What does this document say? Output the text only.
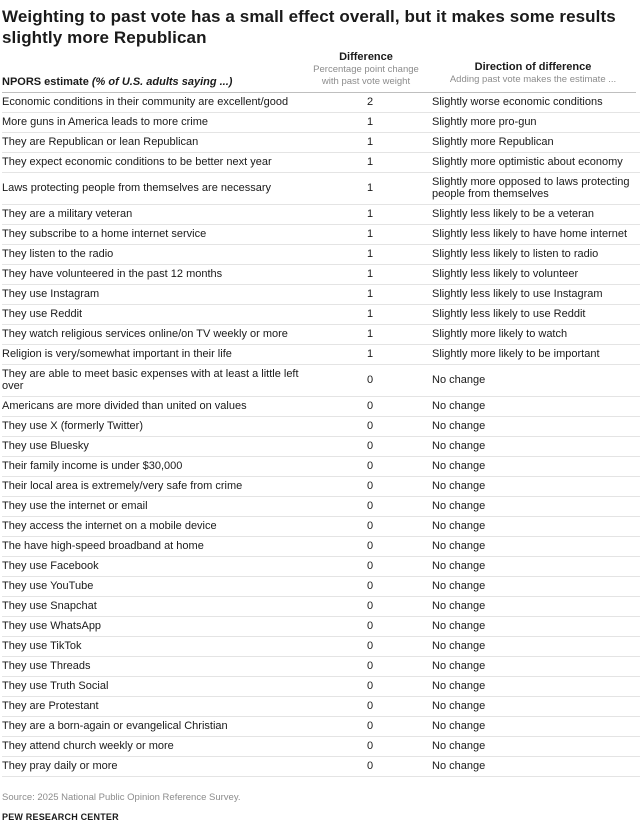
Weighting to past vote has a small effect overall, but it makes some results slightly more Republican
Difference
Percentage point change with past vote weight
Direction of difference
Adding past vote makes the estimate ...
NPORS estimate (% of U.S. adults saying ...)
Economic conditions in their community are excellent/good	2	Slightly worse economic conditions
More guns in America leads to more crime	1	Slightly more pro-gun
They are Republican or lean Republican	1	Slightly more Republican
They expect economic conditions to be better next year	1	Slightly more optimistic about economy
Laws protecting people from themselves are necessary	1	Slightly more opposed to laws protecting people from themselves
They are a military veteran	1	Slightly less likely to be a veteran
They subscribe to a home internet service	1	Slightly less likely to have home internet
They listen to the radio	1	Slightly less likely to listen to radio
They have volunteered in the past 12 months	1	Slightly less likely to volunteer
They use Instagram	1	Slightly less likely to use Instagram
They use Reddit	1	Slightly less likely to use Reddit
They watch religious services online/on TV weekly or more	1	Slightly more likely to watch
Religion is very/somewhat important in their life	1	Slightly more likely to be important
They are able to meet basic expenses with at least a little left over	0	No change
Americans are more divided than united on values	0	No change
They use X (formerly Twitter)	0	No change
They use Bluesky	0	No change
Their family income is under $30,000	0	No change
Their local area is extremely/very safe from crime	0	No change
They use the internet or email	0	No change
They access the internet on a mobile device	0	No change
The have high-speed broadband at home	0	No change
They use Facebook	0	No change
They use YouTube	0	No change
They use Snapchat	0	No change
They use WhatsApp	0	No change
They use TikTok	0	No change
They use Threads	0	No change
They use Truth Social	0	No change
They are Protestant	0	No change
They are a born-again or evangelical Christian	0	No change
They attend church weekly or more	0	No change
They pray daily or more	0	No change
Source: 2025 National Public Opinion Reference Survey.
PEW RESEARCH CENTER
